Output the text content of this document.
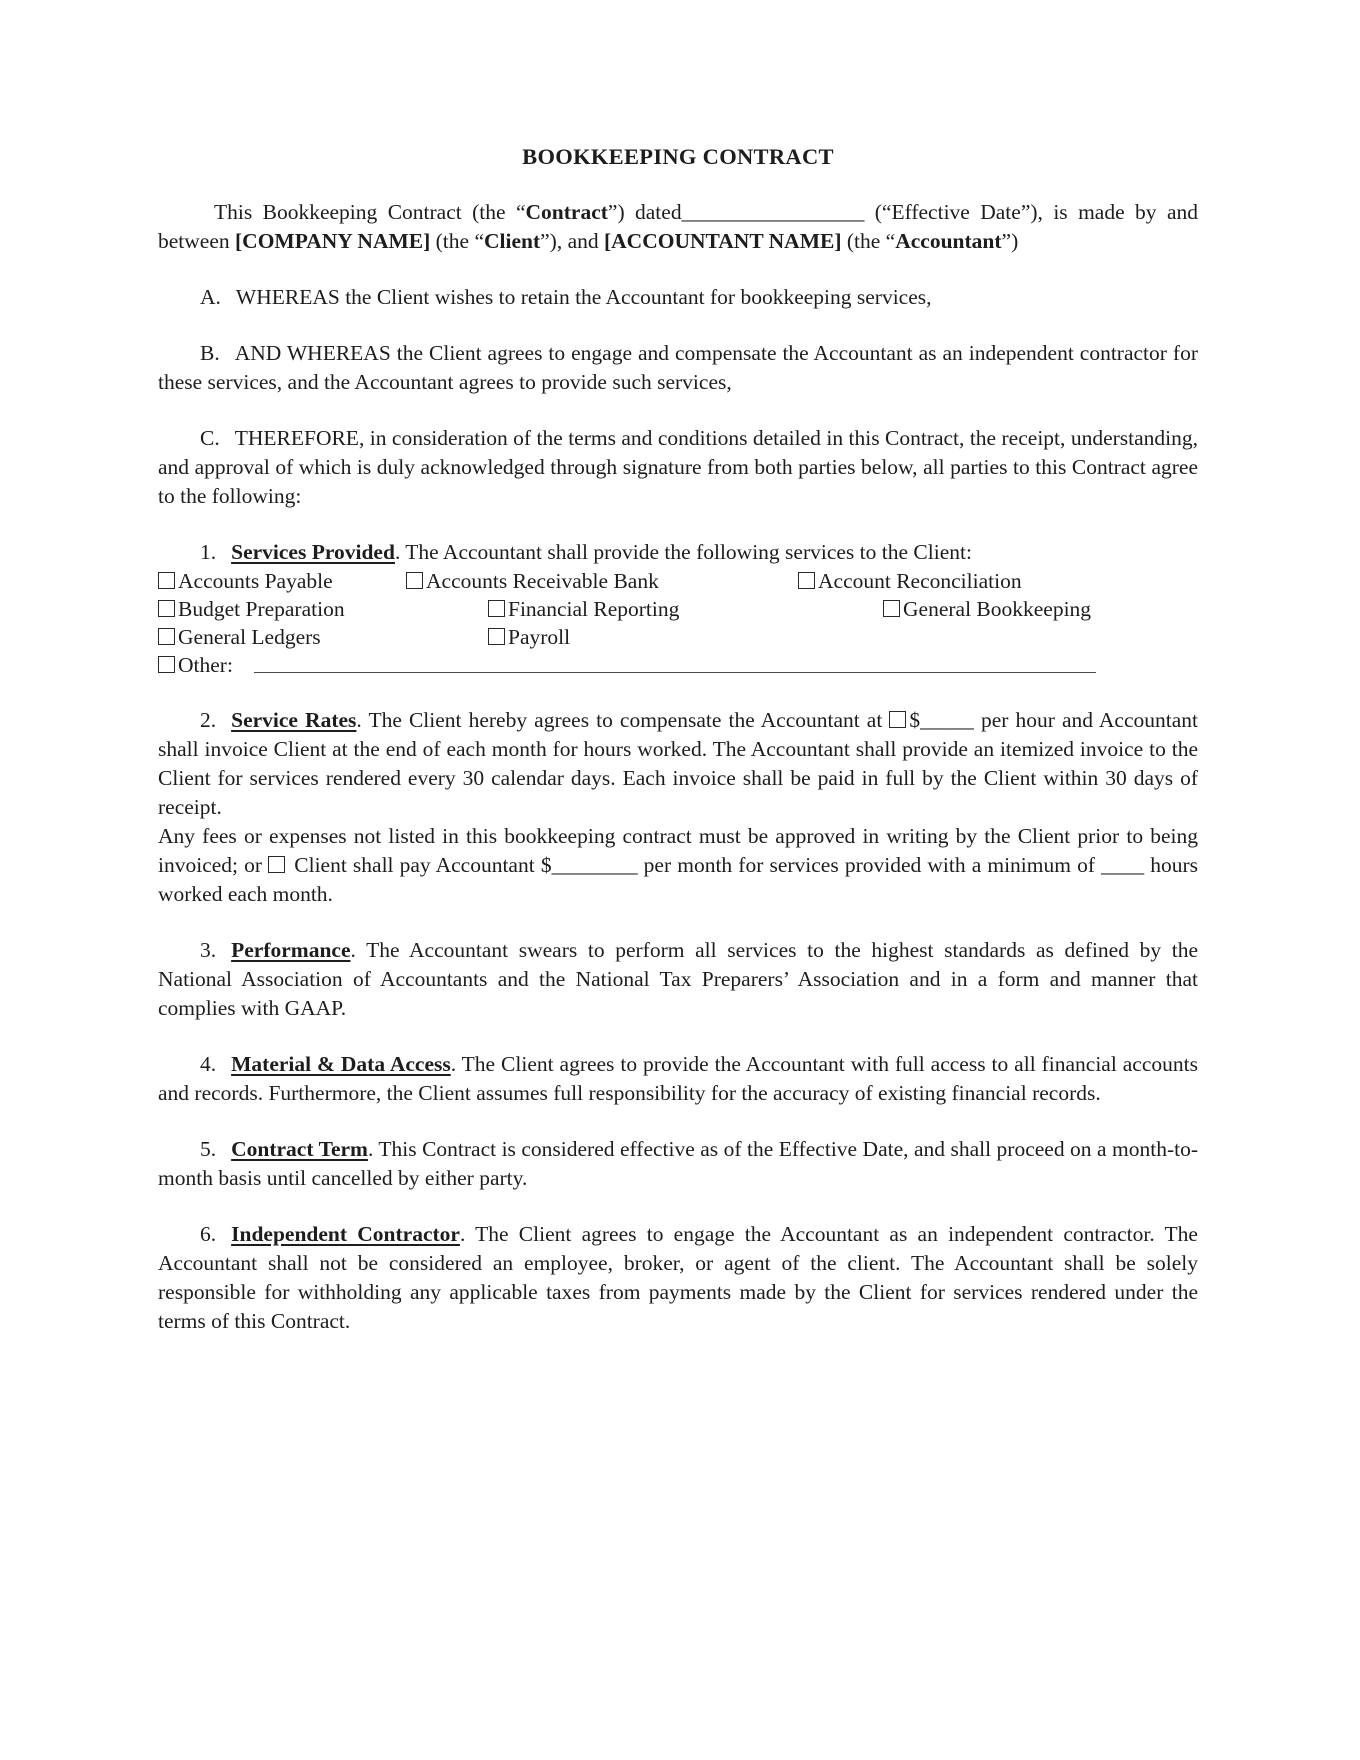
BOOKKEEPING CONTRACT

This Bookkeeping Contract (the “Contract”) dated_________________ (“Effective Date”), is made by and between [COMPANY NAME] (the “Client”), and [ACCOUNTANT NAME] (the “Accountant”)

A. WHEREAS the Client wishes to retain the Accountant for bookkeeping services,

B. AND WHEREAS the Client agrees to engage and compensate the Accountant as an independent contractor for these services, and the Accountant agrees to provide such services,

C. THEREFORE, in consideration of the terms and conditions detailed in this Contract, the receipt, understanding, and approval of which is duly acknowledged through signature from both parties below, all parties to this Contract agree to the following:

1. Services Provided. The Accountant shall provide the following services to the Client:

Accounts Payable	Accounts Receivable Bank	Account Reconciliation
Budget Preparation	Financial Reporting	General Bookkeeping
General Ledgers	Payroll
Other:

2. Service Rates. The Client hereby agrees to compensate the Accountant at $_____ per hour and Accountant shall invoice Client at the end of each month for hours worked. The Accountant shall provide an itemized invoice to the Client for services rendered every 30 calendar days. Each invoice shall be paid in full by the Client within 30 days of receipt.

Any fees or expenses not listed in this bookkeeping contract must be approved in writing by the Client prior to being invoiced; or  Client shall pay Accountant $________ per month for services provided with a minimum of ____ hours worked each month.

3. Performance. The Accountant swears to perform all services to the highest standards as defined by the National Association of Accountants and the National Tax Preparers’ Association and in a form and manner that complies with GAAP.

4. Material & Data Access. The Client agrees to provide the Accountant with full access to all financial accounts and records. Furthermore, the Client assumes full responsibility for the accuracy of existing financial records.

5. Contract Term. This Contract is considered effective as of the Effective Date, and shall proceed on a month-to-month basis until cancelled by either party.

6. Independent Contractor. The Client agrees to engage the Accountant as an independent contractor. The Accountant shall not be considered an employee, broker, or agent of the client. The Accountant shall be solely responsible for withholding any applicable taxes from payments made by the Client for services rendered under the terms of this Contract.
